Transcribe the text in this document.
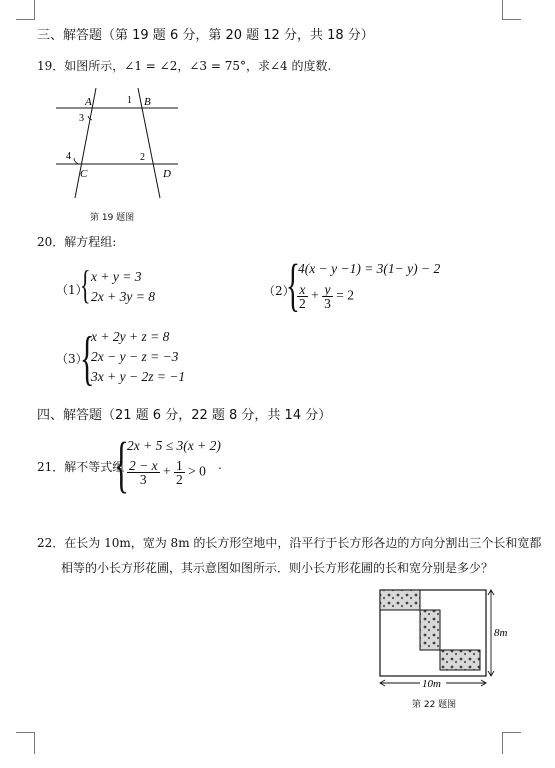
三、解答题（第 19 题 6 分，第 20 题 12 分，共 18 分）
19．如图所示，∠1 = ∠2，∠3 = 75°，求∠4 的度数.
A	B
C	D
1
2
3
4
第 19 题图
20．解方程组:
（1）
{ x + y = 3
2x + 3y = 8	（2）
{
4(x − y −1) = 3(1− y) − 2
$\frac{x}{2} + \frac{y}{3} = 2$
（3）
{
x + 2y + z = 8
2x − y − z = −3
3x + y − 2z = −1
四、解答题（21 题 6 分，22 题 8 分，共 14 分）
21．解不等式组
{
2x + 5 ≤ 3(x + 2)
$\frac{2 - x}{3} + \frac{1}{2} > 0$ .
22．在长为 10m，宽为 8m 的长方形空地中，沿平行于长方形各边的方向分割出三个长和宽都
相等的小长方形花圃，其示意图如图所示．则小长方形花圃的长和宽分别是多少？
8m
10m
第 22 题图
